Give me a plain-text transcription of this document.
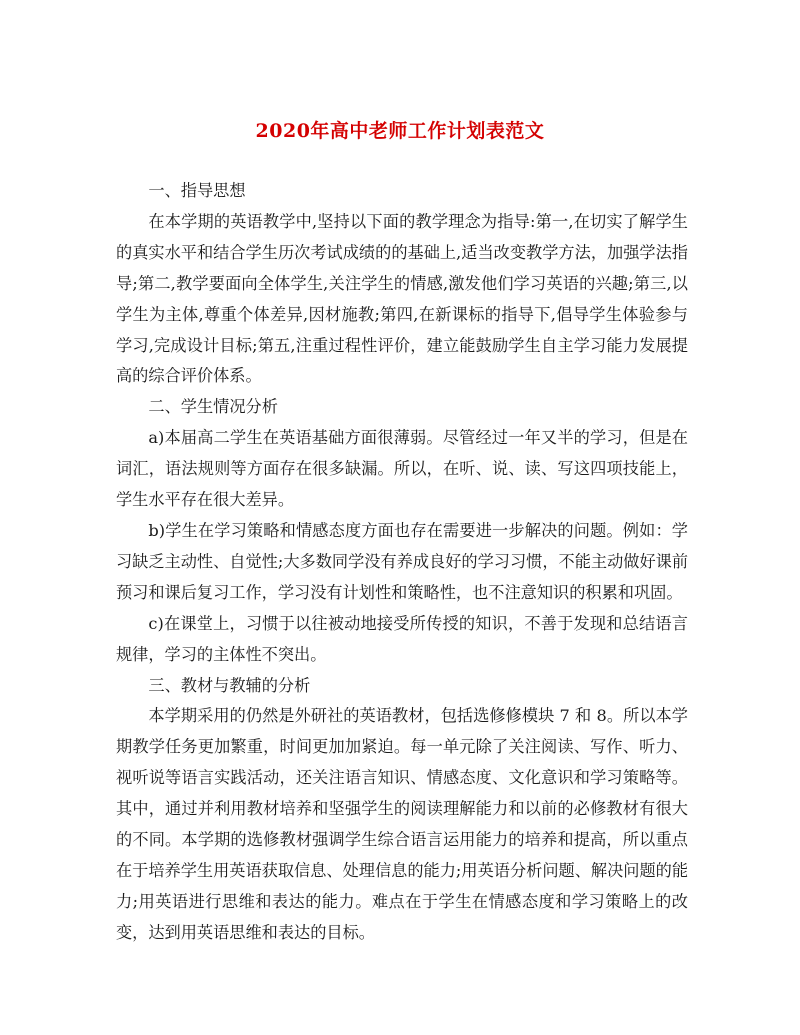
2020年高中老师工作计划表范文

一、指导思想

在本学期的英语教学中,坚持以下面的教学理念为指导:第一,在切实了解学生的真实水平和结合学生历次考试成绩的的基础上,适当改变教学方法，加强学法指导;第二,教学要面向全体学生,关注学生的情感,激发他们学习英语的兴趣;第三,以学生为主体,尊重个体差异,因材施教;第四,在新课标的指导下,倡导学生体验参与学习,完成设计目标;第五,注重过程性评价，建立能鼓励学生自主学习能力发展提高的综合评价体系。

二、学生情况分析

a)本届高二学生在英语基础方面很薄弱。尽管经过一年又半的学习，但是在词汇，语法规则等方面存在很多缺漏。所以，在听、说、读、写这四项技能上，学生水平存在很大差异。

b)学生在学习策略和情感态度方面也存在需要进一步解决的问题。例如：学习缺乏主动性、自觉性;大多数同学没有养成良好的学习习惯，不能主动做好课前预习和课后复习工作，学习没有计划性和策略性，也不注意知识的积累和巩固。

c)在课堂上，习惯于以往被动地接受所传授的知识，不善于发现和总结语言规律，学习的主体性不突出。

三、教材与教辅的分析

本学期采用的仍然是外研社的英语教材，包括选修修模块 7 和 8。所以本学期教学任务更加繁重，时间更加加紧迫。每一单元除了关注阅读、写作、听力、视听说等语言实践活动，还关注语言知识、情感态度、文化意识和学习策略等。其中，通过并利用教材培养和坚强学生的阅读理解能力和以前的必修教材有很大的不同。本学期的选修教材强调学生综合语言运用能力的培养和提高，所以重点在于培养学生用英语获取信息、处理信息的能力;用英语分析问题、解决问题的能力;用英语进行思维和表达的能力。难点在于学生在情感态度和学习策略上的改变，达到用英语思维和表达的目标。
